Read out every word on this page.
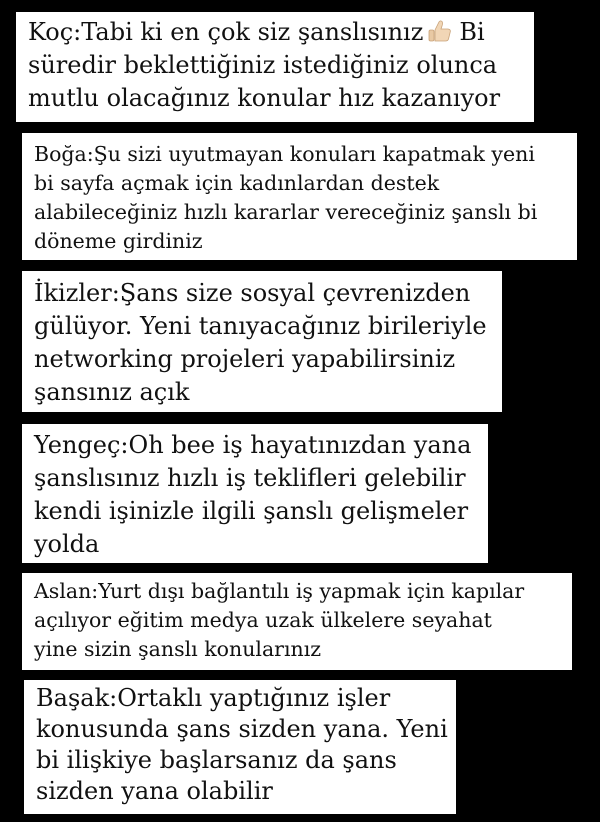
Koç:Tabi ki en çok siz şanslısınız Bi
süredir beklettiğiniz istediğiniz olunca
mutlu olacağınız konular hız kazanıyor
Boğa:Şu sizi uyutmayan konuları kapatmak yeni
bi sayfa açmak için kadınlardan destek
alabileceğiniz hızlı kararlar vereceğiniz şanslı bi
döneme girdiniz
İkizler:Şans size sosyal çevrenizden
gülüyor. Yeni tanıyacağınız birileriyle
networking projeleri yapabilirsiniz
şansınız açık
Yengeç:Oh bee iş hayatınızdan yana
şanslısınız hızlı iş teklifleri gelebilir
kendi işinizle ilgili şanslı gelişmeler
yolda
Aslan:Yurt dışı bağlantılı iş yapmak için kapılar
açılıyor eğitim medya uzak ülkelere seyahat
yine sizin şanslı konularınız
Başak:Ortaklı yaptığınız işler
konusunda şans sizden yana. Yeni
bi ilişkiye başlarsanız da şans
sizden yana olabilir
